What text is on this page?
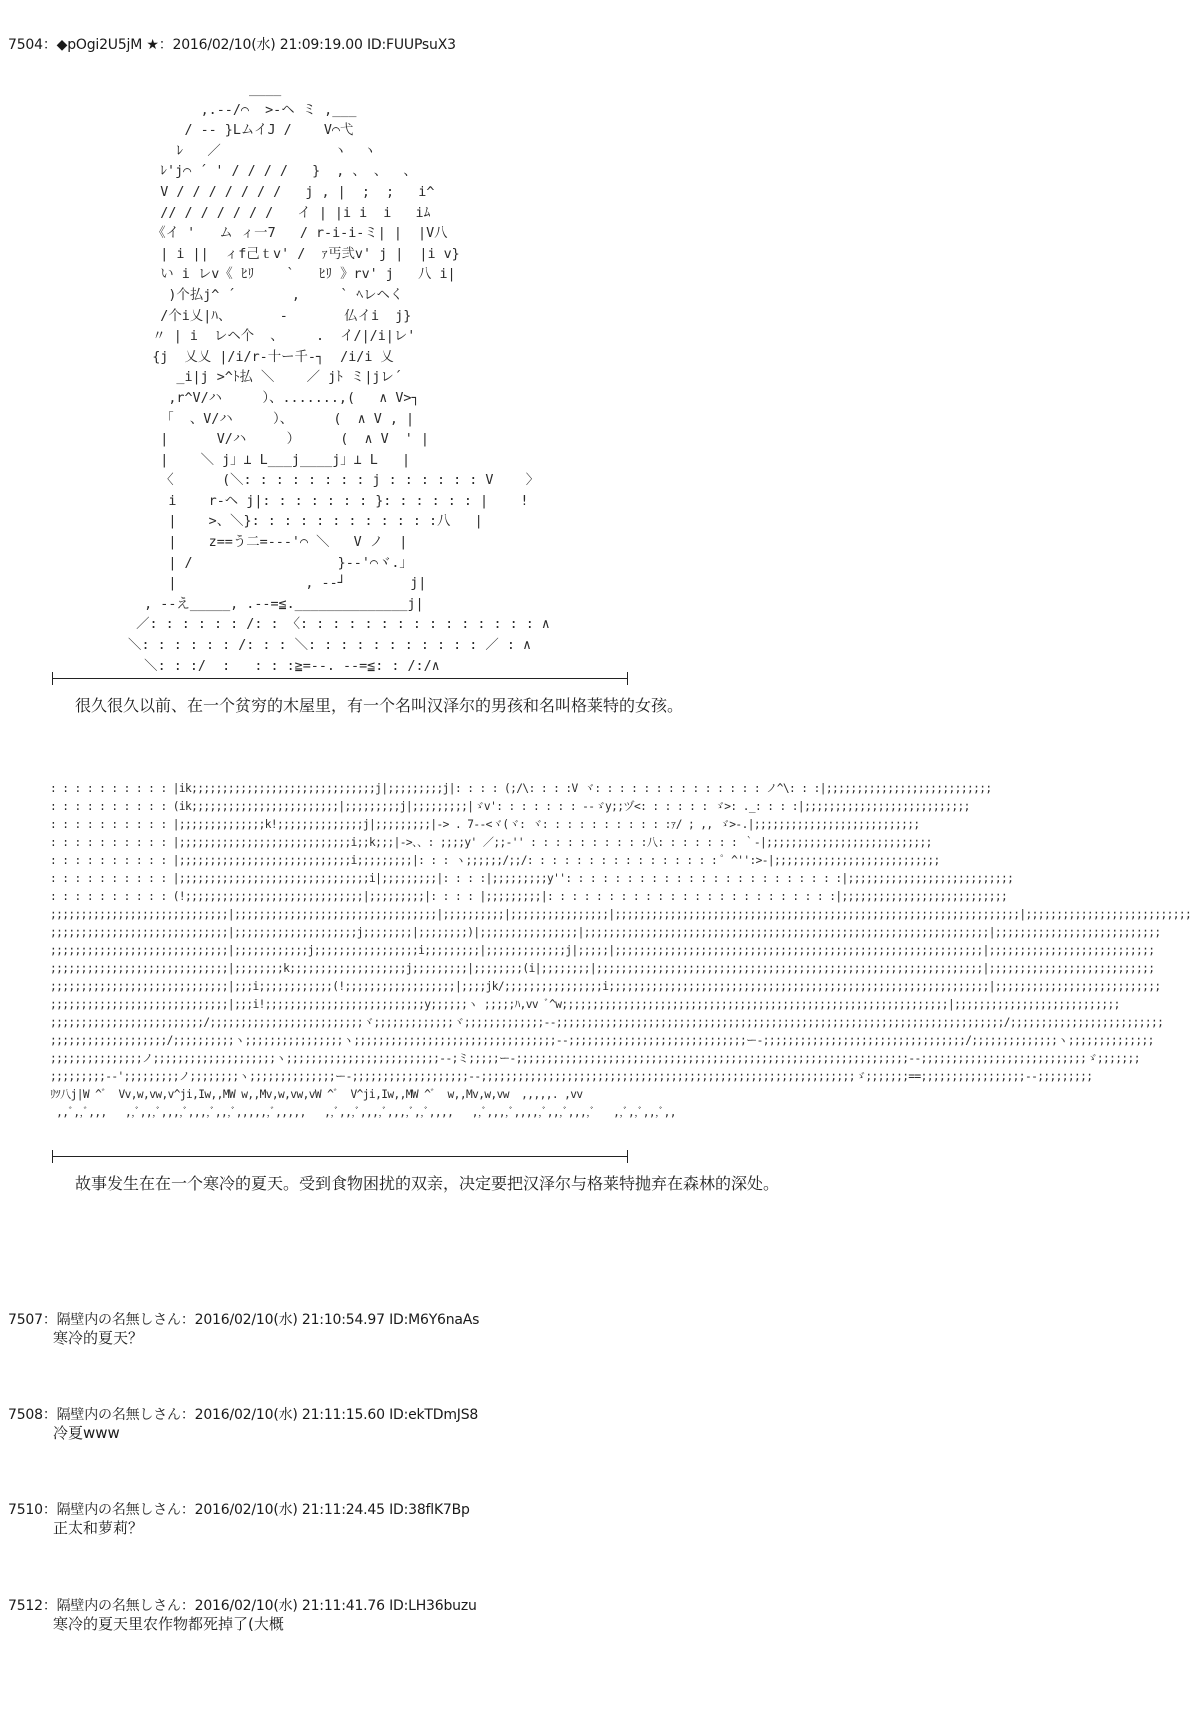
7504：◆pOgi2U5jM ★：2016/02/10(水) 21:09:19.00 ID:FUUPsuX3
____
,.--/⌒  >-ヘ ミ ,___
/ -- }LムイJ /    V⌒弋
ﾚ   ／              ヽ  ヽ
ﾚ'j⌒ ´ ' / / / /   }  , 、 、  、
V / / / / / / /   j , |  ;  ;   i^
// / / / / / /   イ | |i i  i   iﾑ
《イ '   ム ィ一7   / r-i-i-ミ| |  |V八
| i ||  ィf己ｔv' /  ｧ丐弐v' j |  |i v}
い i レv《 ﾋﾘ    `   ﾋﾘ 》rv' j   八 i|
)个払j^ ´       ,     ` ﾍレヘく
/个i乂|ﾊ、      ‐       仏イi  j}
〃 | i  レヘ个  、    .  イ/|/i|レ'
{j  乂乂 |/i/r‐十ー千‐┐  /i/i 乂
_i|j >^ﾄ払 ＼    ／ jﾄ ミ|jレ´
,r^V/ハ     ）、.......,(   ∧ V>┐
「  、V/ハ     ）、     (  ∧ V , |
|      V/ハ     ）     (  ∧ V  ' |
|    ＼ j」⊥ L___j____j」⊥ L   |
〈      (＼: : : : : : : : j : : : : : : V    〉
i    r-ヘ j|: : : : : : : }: : : : : : |    !
|    >、＼}: : : : : : : : : : : :八   |
|    z==う二=--‐'⌒ ＼   V ノ  |
| /                  }--'⌒ヾ.」
|                , -‐┘        j|
, --え_____, .--=≦.______________j|
／: : : : : : /: : 〈: : : : : : : : : : : : : : : ∧
＼: : : : : : /: : : ＼: : : : : : : : : : : ／ : ∧
＼: : :/  :   : : :≧=--. --=≦: : /:/∧
很久很久以前、在一个贫穷的木屋里，有一个名叫汉泽尔的男孩和名叫格莱特的女孩。
: : : : : : : : : : |ik;;;;;;;;;;;;;;;;;;;;;;;;;;;;;;j|;;;;;;;;;j|: : : : (;/\: : : :V ヾ: : : : : : : : : : : : : : ノ^\: : :|;;;;;;;;;;;;;;;;;;;;;;;;;;;
: : : : : : : : : : (ik;;;;;;;;;;;;;;;;;;;;;;;;|;;;;;;;;;j|;;;;;;;;;|ゞv': : : : : : : --ゞy;;ヅ<: : : : : : ゞ>: ._: : : :|;;;;;;;;;;;;;;;;;;;;;;;;;;;
: : : : : : : : : : |;;;;;;;;;;;;;;k!;;;;;;;;;;;;;;j|;;;;;;;;;|-> . 7‐-<ヾ(ヾ: ヾ: : : : : : : : : : :ｧ/ ; ,, ゞ>‐.|;;;;;;;;;;;;;;;;;;;;;;;;;;;
: : : : : : : : : : |;;;;;;;;;;;;;;;;;;;;;;;;;;;;i;;k;;;|->、、: ;;;;y' ／;;‐'' : : : : : : : : : :八: : : : : : : ｀‐|;;;;;;;;;;;;;;;;;;;;;;;;;;;
: : : : : : : : : : |;;;;;;;;;;;;;;;;;;;;;;;;;;;;i;;;;;;;;;|: : : ヽ;;;;;;/;;/: : : : : : : : : : : : : : : : ﾟ ^'':>‐|;;;;;;;;;;;;;;;;;;;;;;;;;;;
: : : : : : : : : : |;;;;;;;;;;;;;;;;;;;;;;;;;;;;;;;i|;;;;;;;;;|: : : :|;;;;;;;;;y'': : : : : : : : : : : : : : : : : : : : : : :|;;;;;;;;;;;;;;;;;;;;;;;;;;;
: : : : : : : : : : (!;;;;;;;;;;;;;;;;;;;;;;;;;;;;;|;;;;;;;;;|: : : : |;;;;;;;;;|: : : : : : : : : : : : : : : : : : : : : : : :|;;;;;;;;;;;;;;;;;;;;;;;;;;;
;;;;;;;;;;;;;;;;;;;;;;;;;;;;;|;;;;;;;;;;;;;;;;;;;;;;;;;;;;;;;;;|;;;;;;;;;;|;;;;;;;;;;;;;;;;|;;;;;;;;;;;;;;;;;;;;;;;;;;;;;;;;;;;;;;;;;;;;;;;;;;;;;;;;;;;;;;;;;;|;;;;;;;;;;;;;;;;;;;;;;;;;;;
;;;;;;;;;;;;;;;;;;;;;;;;;;;;;|;;;;;;;;;;;;;;;;;;;;j;;;;;;;;|;;;;;;;;)|;;;;;;;;;;;;;;;;|;;;;;;;;;;;;;;;;;;;;;;;;;;;;;;;;;;;;;;;;;;;;;;;;;;;;;;;;;;;;;;;;;;|;;;;;;;;;;;;;;;;;;;;;;;;;;;
;;;;;;;;;;;;;;;;;;;;;;;;;;;;;|;;;;;;;;;;;;j;;;;;;;;;;;;;;;;;i;;;;;;;;;|;;;;;;;;;;;;;j|;;;;;|;;;;;;;;;;;;;;;;;;;;;;;;;;;;;;;;;;;;;;;;;;;;;;;;;;;;;;;;;;;;|;;;;;;;;;;;;;;;;;;;;;;;;;;;
;;;;;;;;;;;;;;;;;;;;;;;;;;;;;|;;;;;;;;k;;;;;;;;;;;;;;;;;;;j;;;;;;;;;|;;;;;;;;(i|;;;;;;;;|;;;;;;;;;;;;;;;;;;;;;;;;;;;;;;;;;;;;;;;;;;;;;;;;;;;;;;;;;;;;;;;|;;;;;;;;;;;;;;;;;;;;;;;;;;;
;;;;;;;;;;;;;;;;;;;;;;;;;;;;;|;;;i;;;;;;;;;;;;(!;;;;;;;;;;;;;;;;;;|;;;;jk/;;;;;;;;;;;;;;;;i;;;;;;;;;;;;;;;;;;;;;;;;;;;;;;;;;;;;;;;;;;;;;;;;;;;;;;;;;;;;;;|;;;;;;;;;;;;;;;;;;;;;;;;;;;
;;;;;;;;;;;;;;;;;;;;;;;;;;;;;|;;;i!;;;;;;;;;;;;;;;;;;;;;;;;;;y;;;;;;ヽ ;;;;;ﾊ,vv ﾞ^w;;;;;;;;;;;;;;;;;;;;;;;;;;;;;;;;;;;;;;;;;;;;;;;;;;;;;;;;;;;;;;;|;;;;;;;;;;;;;;;;;;;;;;;;;;;
;;;;;;;;;;;;;;;;;;;;;;;;;/;;;;;;;;;;;;;;;;;;;;;;;;;ヾ;;;;;;;;;;;;;ヾ;;;;;;;;;;;;;‐-;;;;;;;;;;;;;;;;;;;;;;;;;;;;;;;;;;;;;;;;;;;;;;;;;;;;;;;;;;;;;;;;;;;;;;;;;/;;;;;;;;;;;;;;;;;;;;;;;;;
;;;;;;;;;;;;;;;;;;;/;;;;;;;;;;ヽ;;;;;;;;;;;;;;;;ヽ;;;;;;;;;;;;;;;;;;;;;;;;;;;;;;;;;‐‐;;;;;;;;;;;;;;;;;;;;;;;;;;;;;ー‐;;;;;;;;;;;;;;;;;;;;;;;;;;;;;;;;;/;;;;;;;;;;;;;;ヽ;;;;;;;;;;;;;;
;;;;;;;;;;;;;;;ノ;;;;;;;;;;;;;;;;;;;;ヽ;;;;;;;;;;;;;;;;;;;;;;;;;‐-;ミ;;;;;ー‐;;;;;;;;;;;;;;;;;;;;;;;;;;;;;;;;;;;;;;;;;;;;;;;;;;;;;;;;;;;;;;;;‐-;;;;;;;;;;;;;;;;;;;;;;;;;;;ゞ;;;;;;;
;;;;;;;;;‐-';;;;;;;;;ノ;;;;;;;;ヽ;;;;;;;;;;;;;;ー‐;;;;;;;;;;;;;;;;;;;‐-;;;;;;;;;;;;;;;;;;;;;;;;;;;;;;;;;;;;;;;;;;;;;;;;;;;;;;;;;;;;;ゞ;;;;;;;==;;;;;;;;;;;;;;;;;‐-;;;;;;;;;
ﾘﾂ八j|W ^ﾞ  Vv,w,vw,v^ji,Iw,,MW w,,Mv,w,vw,vW ^ﾞ  V^ji,Iw,,MW ^ﾞ  w,,Mv,w,vw  ,,,,,. ,vv
,,ﾞ,,ﾞ,,,   ,,ﾞ,,,ﾞ,,,,ﾞ,,,,ﾞ,,,ﾞ,,,,,,ﾞ,,,,,   ,,ﾞ,,,ﾞ,,,,ﾞ,,,,ﾞ,,ﾞ,,,,   ,,ﾞ,,,,ﾞ,,,,,ﾞ,,,ﾞ,,,,ﾞ   ,,ﾞ,,ﾞ,,,ﾞ,,
故事发生在在一个寒冷的夏天。受到食物困扰的双亲，决定要把汉泽尔与格莱特抛弃在森林的深处。
7507：隔壁内の名無しさん：2016/02/10(水) 21:10:54.97 ID:M6Y6naAs
寒冷的夏天？
7508：隔壁内の名無しさん：2016/02/10(水) 21:11:15.60 ID:ekTDmJS8
冷夏www
7510：隔壁内の名無しさん：2016/02/10(水) 21:11:24.45 ID:38flK7Bp
正太和萝莉？
7512：隔壁内の名無しさん：2016/02/10(水) 21:11:41.76 ID:LH36buzu
寒冷的夏天里农作物都死掉了(大概
